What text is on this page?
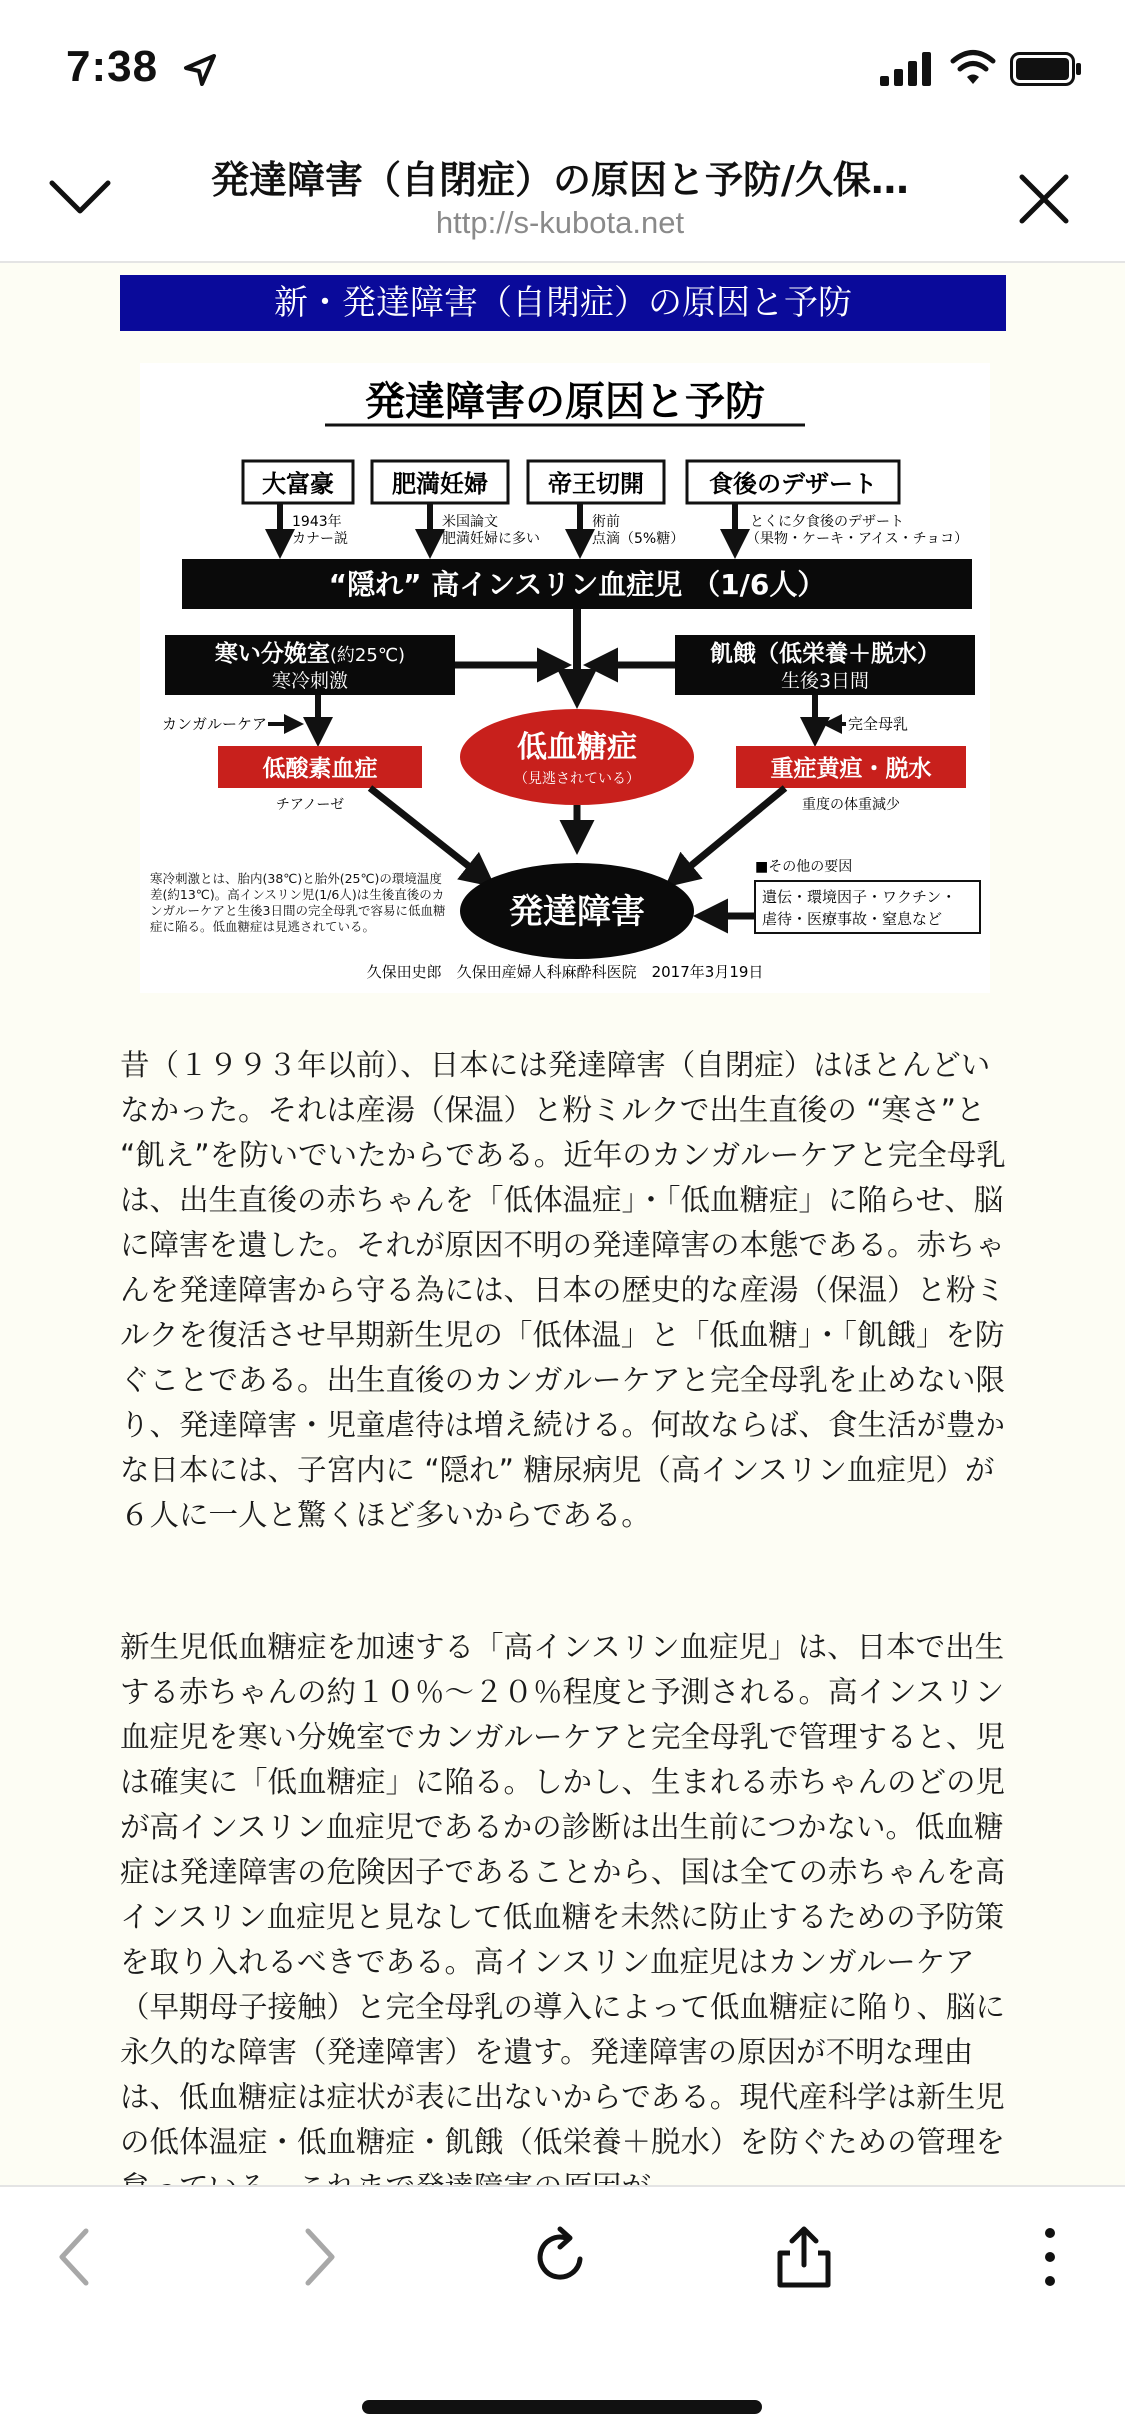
7:38
発達障害（自閉症）の原因と予防/久保…
http://s-kubota.net
新・発達障害（自閉症）の原因と予防
発達障害の原因と予防
大富豪 肥満妊婦	帝王切開	食後のデザート
1943年
カナー説
米国論文
肥満妊婦に多い
術前
点滴（5%糖）
とくに夕食後のデザート
（果物・ケーキ・アイス・チョコ）
“隠れ” 高インスリン血症児 （1/6人）
寒い分娩室(約25℃)
寒冷刺激
飢餓（低栄養＋脱水）
生後3日間
カンガルーケア	完全母乳
低酸素血症
チアノーゼ
低血糖症
（見逃されている）	重症黄疸・脱水
重度の体重減少
発達障害
寒冷刺激とは、胎内(38℃)と胎外(25℃)の環境温度差(約13℃)。高インスリン児(1/6人)は生後直後のカンガルーケアと生後3日間の完全母乳で容易に低血糖症に陥る。低血糖症は見逃されている。
■その他の要因
遺伝・環境因子・ワクチン・
虐待・医療事故・窒息など
久保田史郎　久保田産婦人科麻酔科医院　2017年3月19日
昔（１９９３年以前）、日本には発達障害（自閉症）はほとんどいなかった。それは産湯（保温）と粉ミルクで出生直後の “寒さ”と “飢え”を防いでいたからである。近年のカンガルーケアと完全母乳は、出生直後の赤ちゃんを「低体温症」・「低血糖症」に陥らせ、脳に障害を遺した。それが原因不明の発達障害の本態である。赤ちゃんを発達障害から守る為には、日本の歴史的な産湯（保温）と粉ミルクを復活させ早期新生児の「低体温」と「低血糖」・「飢餓」を防ぐことである。出生直後のカンガルーケアと完全母乳を止めない限り、発達障害・児童虐待は増え続ける。何故ならば、食生活が豊かな日本には、子宮内に “隠れ” 糖尿病児（高インスリン血症児）が６人に一人と驚くほど多いからである。
新生児低血糖症を加速する「高インスリン血症児」は、日本で出生する赤ちゃんの約１０％～２０％程度と予測される。高インスリン血症児を寒い分娩室でカンガルーケアと完全母乳で管理すると、児は確実に「低血糖症」に陥る。しかし、生まれる赤ちゃんのどの児が高インスリン血症児であるかの診断は出生前につかない。低血糖症は発達障害の危険因子であることから、国は全ての赤ちゃんを高インスリン血症児と見なして低血糖を未然に防止するための予防策を取り入れるべきである。高インスリン血症児はカンガルーケア（早期母子接触）と完全母乳の導入によって低血糖症に陥り、脳に永久的な障害（発達障害）を遺す。発達障害の原因が不明な理由は、低血糖症は症状が表に出ないからである。現代産科学は新生児の低体温症・低血糖症・飢餓（低栄養＋脱水）を防ぐための管理を
